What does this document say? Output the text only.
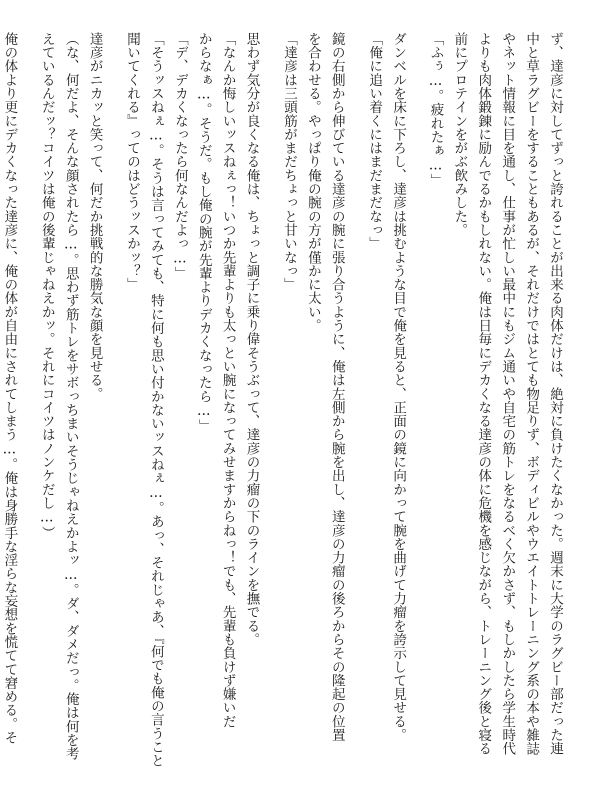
ず、達彦に対してずっと誇れることが出来る肉体だけは、絶対に負けたくなかった。週末に大学のラグビー部だった連
中と草ラグビーをすることもあるが、それだけではとても物足りず、ボディビルやウエイトトレーニング系の本や雑誌
やネット情報に目を通し、仕事が忙しい最中にもジム通いや自宅の筋トレをなるべく欠かさず、もしかしたら学生時代
よりも肉体鍛錬に励んでるかもしれない。俺は日毎にデカくなる達彦の体に危機を感じながら、トレーニング後と寝る
前にプロテインをがぶ飲みした。
「ふぅ…。疲れたぁ…」
ダンベルを床に下ろし、達彦は挑むような目で俺を見ると、正面の鏡に向かって腕を曲げて力瘤を誇示して見せる。
「俺に追い着くにはまだまだなっ」
鏡の右側から伸びている達彦の腕に張り合うように、俺は左側から腕を出し、達彦の力瘤の後ろからその隆起の位置
を合わせる。やっぱり俺の腕の方が僅かに太い。
「達彦は三頭筋がまだちょっと甘いなっ」
思わず気分が良くなる俺は、ちょっと調子に乗り偉そうぶって、達彦の力瘤の下のラインを撫でる。
「なんか悔しいッスねぇっ！いつか先輩よりも太っとい腕になってみせますからねっ！でも、先輩も負けず嫌いだ
からなぁ…。そうだ。もし俺の腕が先輩よりデカくなったら…」
「デ、デカくなったら何なんだよっ…」
「そうッスねぇ…。そうは言ってみても、特に何も思い付かないッスねぇ…。あっ、それじゃあ、『何でも俺の言うこと
聞いてくれる』ってのはどうッスかッ？」
達彦がニカッと笑って、何だか挑戦的な勝気な顔を見せる。
（な、何だよ、そんな顔されたら…。思わず筋トレをサボっちまいそうじゃねえかよッ…。ダ、ダメだっ。俺は何を考
えているんだッ？コイツは俺の後輩じゃねえかッ。それにコイツはノンケだし…）
俺の体より更にデカくなった達彦に、俺の体が自由にされてしまう…。俺は身勝手な淫らな妄想を慌てて窘める。そ
